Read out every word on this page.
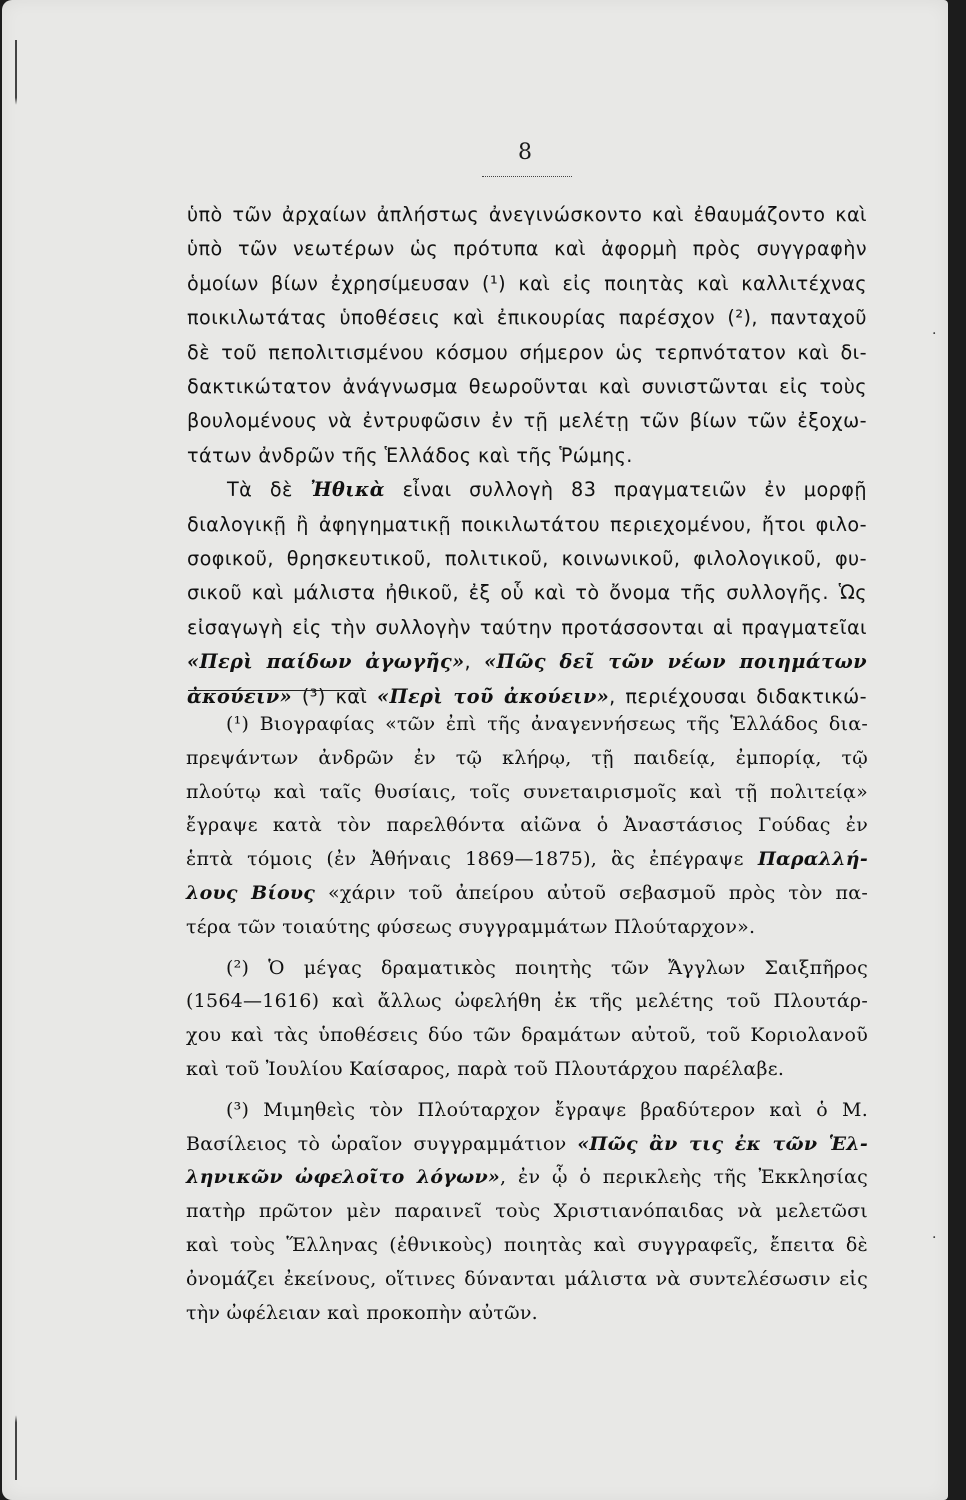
8
ὑπὸ τῶν ἀρχαίων ἀπλήστως ἀνεγινώσκοντο καὶ ἐθαυμάζοντο καὶ
ὑπὸ τῶν νεωτέρων ὡς πρότυπα καὶ ἀφορμὴ πρὸς συγγραφὴν
ὁμοίων βίων ἐχρησίμευσαν (¹) καὶ εἰς ποιητὰς καὶ καλλιτέχνας
ποικιλωτάτας ὑποθέσεις καὶ ἐπικουρίας παρέσχον (²), πανταχοῦ
δὲ τοῦ πεπολιτισμένου κόσμου σήμερον ὡς τερπνότατον καὶ δι-
δακτικώτατον ἀνάγνωσμα θεωροῦνται καὶ συνιστῶνται εἰς τοὺς
βουλομένους νὰ ἐντρυφῶσιν ἐν τῇ μελέτῃ τῶν βίων τῶν ἐξοχω-
τάτων ἀνδρῶν τῆς Ἑλλάδος καὶ τῆς Ῥώμης.
Τὰ δὲ Ἠθικὰ εἶναι συλλογὴ 83 πραγματειῶν ἐν μορφῇ
διαλογικῇ ἢ ἀφηγηματικῇ ποικιλωτάτου περιεχομένου, ἤτοι φιλο-
σοφικοῦ, θρησκευτικοῦ, πολιτικοῦ, κοινωνικοῦ, φιλολογικοῦ, φυ-
σικοῦ καὶ μάλιστα ἠθικοῦ, ἐξ οὗ καὶ τὸ ὄνομα τῆς συλλογῆς. Ὡς
εἰσαγωγὴ εἰς τὴν συλλογὴν ταύτην προτάσσονται αἱ πραγματεῖαι
«Περὶ παίδων ἀγωγῆς», «Πῶς δεῖ τῶν νέων ποιημάτων
ἀκούειν» (³) καὶ «Περὶ τοῦ ἀκούειν», περιέχουσαι διδακτικώ-
(¹) Βιογραφίας «τῶν ἐπὶ τῆς ἀναγεννήσεως τῆς Ἑλλάδος δια-
πρεψάντων ἀνδρῶν ἐν τῷ κλήρῳ, τῇ παιδείᾳ, ἐμπορίᾳ, τῷ
πλούτῳ καὶ ταῖς θυσίαις, τοῖς συνεταιρισμοῖς καὶ τῇ πολιτείᾳ»
ἔγραψε κατὰ τὸν παρελθόντα αἰῶνα ὁ Ἀναστάσιος Γούδας ἐν
ἑπτὰ τόμοις (ἐν Ἀθήναις 1869—1875), ἃς ἐπέγραψε Παραλλή-
λους Βίους «χάριν τοῦ ἀπείρου αὐτοῦ σεβασμοῦ πρὸς τὸν πα-
τέρα τῶν τοιαύτης φύσεως συγγραμμάτων Πλούταρχον».
(²) Ὁ μέγας δραματικὸς ποιητὴς τῶν Ἄγγλων Σαιξπῆρος
(1564—1616) καὶ ἄλλως ὠφελήθη ἐκ τῆς μελέτης τοῦ Πλουτάρ-
χου καὶ τὰς ὑποθέσεις δύο τῶν δραμάτων αὐτοῦ, τοῦ Κοριολανοῦ
καὶ τοῦ Ἰουλίου Καίσαρος, παρὰ τοῦ Πλουτάρχου παρέλαβε.
(³) Μιμηθεὶς τὸν Πλούταρχον ἔγραψε βραδύτερον καὶ ὁ Μ.
Βασίλειος τὸ ὡραῖον συγγραμμάτιον «Πῶς ἂν τις ἐκ τῶν Ἑλ-
ληνικῶν ὠφελοῖτο λόγων», ἐν ᾧ ὁ περικλεὴς τῆς Ἐκκλησίας
πατὴρ πρῶτον μὲν παραινεῖ τοὺς Χριστιανόπαιδας νὰ μελετῶσι
καὶ τοὺς Ἕλληνας (ἐθνικοὺς) ποιητὰς καὶ συγγραφεῖς, ἔπειτα δὲ
ὀνομάζει ἐκείνους, οἵτινες δύνανται μάλιστα νὰ συντελέσωσιν εἰς
τὴν ὠφέλειαν καὶ προκοπὴν αὐτῶν.
·
·
